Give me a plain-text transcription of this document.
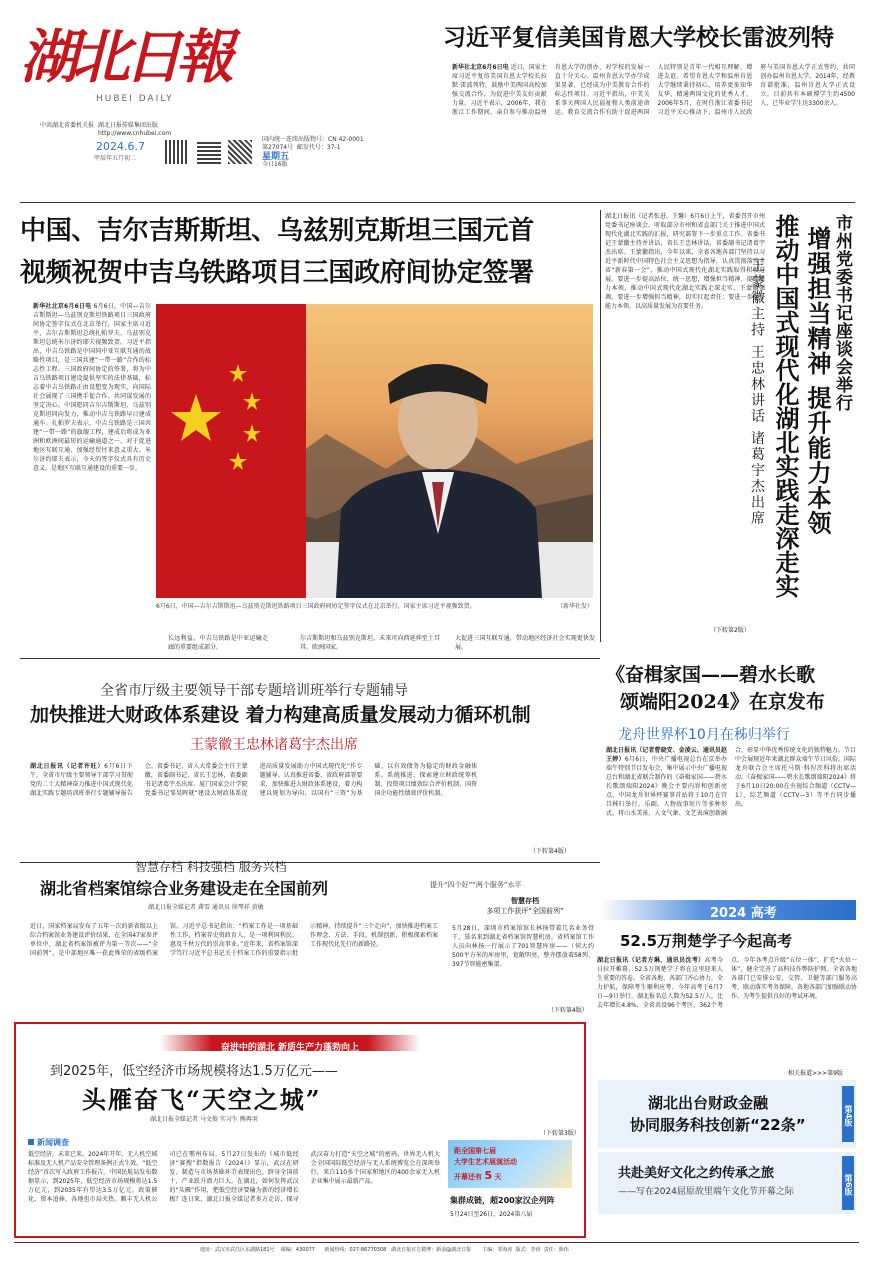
湖北日報
HUBEI DAILY
中共湖北省委机关报 湖北日报传媒集团出版
http://www.cnhubei.com
2024.6.7
甲辰年五月初二
国内统一连续出版物号：CN 42-0001
第27074号 邮发代号：37-1
星期五
今日16版
习近平复信美国肯恩大学校长雷波列特
新华社北京6月6日电 近日，国家主席习近平复信美国肯恩大学校长拉默·雷波列特，鼓励中美两国高校加强交流合作，为促进中美友好贡献力量。习近平表示，2006年，我在浙江工作期间，亲自参与推动温州肯恩大学的创办，对学校的发展一直十分关心。温州肯恩大学办学成果显著，已经成为中美教育合作的标志性项目。习近平指出，中美关系事关两国人民福祉和人类前途命运。教育交流合作有助于促进两国人民特别是青年一代相互理解、增进友谊。希望肯恩大学和温州肯恩大学继续秉持初心，培养更多知华友华、精通两国文化的优秀人才。2006年5月，在时任浙江省委书记习近平关心推动下，温州市人民政府与美国肯恩大学正式签约，共同创办温州肯恩大学。2014年，经教育部批准，温州肯恩大学正式设立。目前共有本硕博学生约4500人，已毕业学生达3300余人。
中国、吉尔吉斯斯坦、乌兹别克斯坦三国元首
视频祝贺中吉乌铁路项目三国政府间协定签署
新华社北京6月6日电 6月6日，中国—吉尔吉斯斯坦—乌兹别克斯坦铁路项目三国政府间协定签字仪式在北京举行，国家主席习近平、吉尔吉斯斯坦总统扎帕罗夫、乌兹别克斯坦总统米尔济约耶夫视频致贺。习近平指出，中吉乌铁路是中国同中亚互联互通的战略性项目，是三国共建“一带一路”合作的标志性工程。三国政府间协定的签署，将为中吉乌铁路项目建设提供坚实的法律基础，标志着中吉乌铁路正由设想变为现实，向国际社会展现了三国携手促合作、共同谋发展的坚定决心。中国愿同吉尔吉斯斯坦、乌兹别克斯坦同向发力，推动中吉乌铁路早日建成通车。扎帕罗夫表示，中吉乌铁路是三国共建“一带一路”的旗舰工程，建成后将成为亚洲和欧洲间最短的运输通道之一，对于促进地区互联互通、加强经贸往来意义重大。米尔济约耶夫表示，今天的签字仪式具有历史意义，是地区互联互通建设的重要一步。
6月6日，中国—吉尔吉斯斯坦—乌兹别克斯坦铁路项目三国政府间协定签字仪式在北京举行，国家主席习近平视频致贺。	（新华社发）
长远利益。中吉乌铁路是中亚运输走廊的重要组成部分。
尔吉斯斯坦和乌兹别克斯坦，未来可向西延伸至土耳其、欧洲国家。
大促进三国互联互通，带动地区经济社会实现更快发展。
湖北日报讯（记者张进、王馨）6月6日上午，省委召开市州党委书记座谈会，听取部分市州和省直部门关于推进中国式现代化湖北实践的汇报，研究部署下一步重点工作。省委书记王蒙徽主持并讲话，省长王忠林讲话，省委副书记诸葛宇杰出席。王蒙徽指出，今年以来，全省各地各部门坚持以习近平新时代中国特色社会主义思想为指导，认真贯彻落实全省“新春第一会”，推动中国式现代化湖北实践取得积极进展。要进一步提高站位、统一思想，增强担当精神、提升能力本领，推动中国式现代化湖北实践走深走实。王蒙徽强调，要进一步增强担当精神，切实扛起责任；要进一步提升能力本领，以高质量发展为首要任务。
（下转第2版）
市州党委书记座谈会举行
增强担当精神 提升能力本领
推动中国式现代化湖北实践走深走实
王蒙徽主持 王忠林讲话 诸葛宇杰出席
全省市厅级主要领导干部专题培训班举行专题辅导
加快推进大财政体系建设 着力构建高质量发展动力循环机制
王蒙徽王忠林诸葛宇杰出席
湖北日报讯（记者许旺）6月6日下午，全省市厅级主要领导干部学习贯彻党的二十大精神奋力推进中国式现代化湖北实践专题培训班举行专题辅导报告会。省委书记、省人大常委会主任王蒙徽，省委副书记、省长王忠林，省委副书记诸葛宇杰出席。厦门国家会计学院党委书记邹昊晖就“建设大财政体系促进高质量发展助力中国式现代化”作专题辅导。认真推进省委、省政府部署要求，加快推进大财政体系建设，着力构建以规划为导向、以国有“三资”为基础、以有效债务为稳定的财政金融体系。系统推进、探索建立财政统筹机制、投资项目绩效综合评价机制、国资国企功能性绩效评价机制。
（下转第4版）
《奋楫家国——碧水长歌
颂端阳2024》在京发布
龙舟世界杯10月在秭归举行
湖北日报讯（记者曹晓安、金凌云、通讯员赵王婷）6月6日，中央广播电视总台在京举办端午特别节目发布会，集中展示中央广播电视总台和湖北省联合制作的《奋楫家国——碧水长歌颂端阳2024》晚会主要内容和创新亮点。中国龙舟世界杯赛事首站将于10月在宜昌秭归举行。乐副。人物故事短片等多种形式，将山水美景、人文气象、文艺表演创新融合，彰显中华优秀传统文化的独特魅力。节目中会展现近年来湖北群众端午节日风俗。国际龙舟联合会主席托马斯·科涅茨科将出席活动。《奋楫家国——碧水长歌颂端阳2024》将于6月10日20:00在央视综合频道（CCTV—1）、综艺频道（CCTV—3）等平台同步播出。
智慧存档 科技强档 服务兴档
湖北省档案馆综合业务建设走在全国前列
湖北日报全媒记者 龚雪 通讯员 徐琴祥 黄敏
近日，国家档案局发布了五年一次的新省级以上综合档案馆业务建设评价结果，在全国47家参评单位中，湖北省档案馆被评为第一等次——“全国前列”，是中部地区唯一获此殊荣的省级档案馆。习近平总书记指出：“档案工作是一项基础性工作，档案存史资政育人、是一项利国利民、惠及千秋万代的崇高事业。”近年来，省档案馆深学笃行习近平总书记关于档案工作的重要指示批示精神，持续提升“三个走向”，加快推进档案工作理念、方法、手段、机制创新，积极探索档案工作现代化先行的新路径。
提升“四个好”“两个服务”水平
智慧存档
多项工作获评“全国前列”
5月28日，深圳市档案馆馆长林扬带着几名业务骨干，慕名来到湖北省档案馆智慧机房。省档案馆工作人员向林扬一行展示了701智慧库房——（伺大约500平方米的库房里，宽敞明亮，整齐摆放着58列、397节智能密集架。
（下转第4版）
2024 高考
52.5万荆楚学子今起高考
湖北日报讯（记者方琳、通讯员沈考）高考今日拉开帷幕，52.5万荆楚学子将在这里迎来人生重要的答卷。全省各地、各部门齐心协力，全力护航，保障考生顺利应考。今年高考于6月7日—9日举行，湖北报名总人数为52.5万人，比去年增长4.8%。全省共设96个考区、362个考点。今年各考点升级“五位一体”、扩充“火位一体”，健全完善了高科技作弊防护网。全省各地各部门已安排公安、交管、卫健等部门服务高考，联动落实考务保障。各地各部门加强联动协作，为考生提供良好的考试环境。
相关报道>>>第9版
湖北出台财政金融
协同服务科技创新“22条”	第4版
共赴美好文化之约传承之旅
——写在2024屈原故里端午文化节开幕之际	第6版
奋进中的湖北 新质生产力蓬勃向上
到2025年，低空经济市场规模将达1.5万亿元——
头雁奋飞“天空之城”
湖北日报全媒记者 马文俊 实习生 熊再羽
新闻调查
低空经济，未来已来。2024年开年，无人机空域标准及无人机产品安全管理条例正式生效。“低空经济”首次写入政府工作报告。中国民航局发布数据显示，到2025年，低空经济市场规模将达1.5万亿元，到2035年有望达3.5万亿元。政策催化、资本追捧，各地也市局火热。顺丰无人机公司已在鄂州布局，5月27日发布的《城市低经济“赛搜”指数报告（2024）》显示，武汉在研发、制造与市场基础环节表现出色，跻身全国前十，产业跃升潜力巨大。在湖北，如何发挥武汉的“头雁”作用，把低空经济要输为新的经济增长极？连日来，湖北日报全媒记者多方走访，探寻武汉奋力打造“天空之城”的密码。世界无人机大会全国国际低空经济与无人系统博览会在深圳举行，来自110多个国家和地区的400余家无人机企业集中展示最新产品。
（下转第3版）
距全国第七届
大学生艺术展演活动
开幕还有 5 天
集群成链，超200家汉企列阵
5月24日至26日，2024第八届
地址：武汉市武昌区东湖路181号 邮编：430077 新闻热线：027-86770308 湖北日报官方微博：新浪@湖北日报 主编：邹海涛 版式：李涛 责任：陈伟
